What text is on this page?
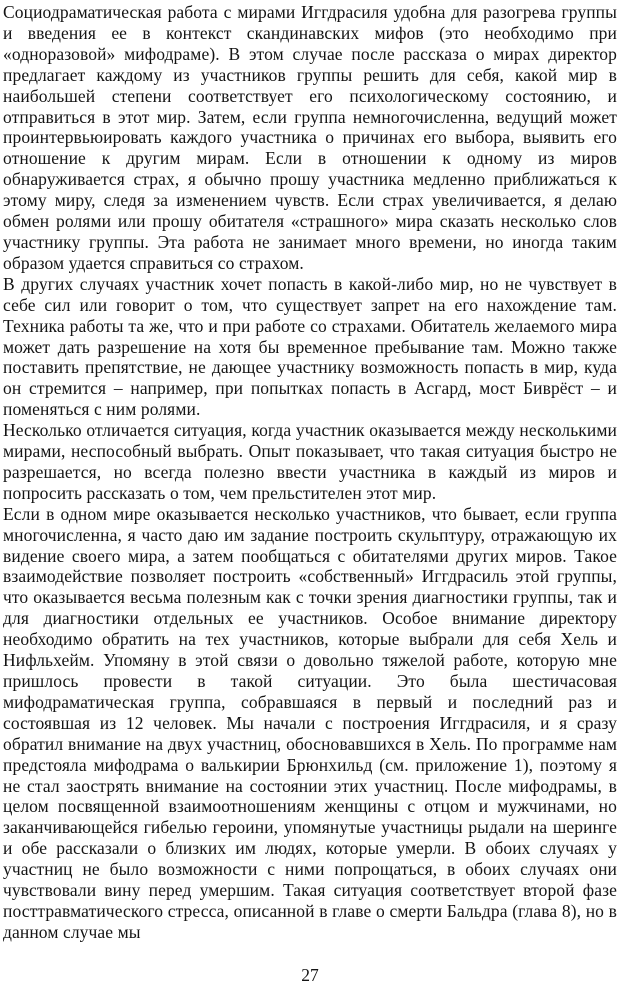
Социодраматическая работа с мирами Иггдрасиля удобна для разогрева группы и введения ее в контекст скандинавских мифов (это необходимо при «одноразовой» мифодраме). В этом случае после рассказа о мирах директор предлагает каждому из участников группы решить для себя, какой мир в наибольшей степени соответствует его психологическому состоянию, и отправиться в этот мир. Затем, если группа немногочисленна, ведущий может проинтервьюировать каждого участника о причинах его выбора, выявить его отношение к другим мирам. Если в отношении к одному из миров обнаруживается страх, я обычно прошу участника медленно приближаться к этому миру, следя за изменением чувств. Если страх увеличивается, я делаю обмен ролями или прошу обитателя «страшного» мира сказать несколько слов участнику группы. Эта работа не занимает много времени, но иногда таким образом удается справиться со страхом.

В других случаях участник хочет попасть в какой-либо мир, но не чувствует в себе сил или говорит о том, что существует запрет на его нахождение там. Техника работы та же, что и при работе со страхами. Обитатель желаемого мира может дать разрешение на хотя бы временное пребывание там. Можно также поставить препятствие, не дающее участнику возможность попасть в мир, куда он стремится – например, при попытках попасть в Асгард, мост Биврёст – и поменяться с ним ролями.

Несколько отличается ситуация, когда участник оказывается между несколькими мирами, неспособный выбрать. Опыт показывает, что такая ситуация быстро не разрешается, но всегда полезно ввести участника в каждый из миров и попросить рассказать о том, чем прельстителен этот мир.

Если в одном мире оказывается несколько участников, что бывает, если группа многочисленна, я часто даю им задание построить скульптуру, отражающую их видение своего мира, а затем пообщаться с обитателями других миров. Такое взаимодействие позволяет построить «собственный» Иггдрасиль этой группы, что оказывается весьма полезным как с точки зрения диагностики группы, так и для диагностики отдельных ее участников. Особое внимание директору необходимо обратить на тех участников, которые выбрали для себя Хель и Нифльхейм. Упомяну в этой связи о довольно тяжелой работе, которую мне пришлось провести в такой ситуации. Это была шестичасовая мифодраматическая группа, собравшаяся в первый и последний раз и состоявшая из 12 человек. Мы начали с построения Иггдрасиля, и я сразу обратил внимание на двух участниц, обосновавшихся в Хель. По программе нам предстояла мифодрама о валькирии Брюнхильд (см. приложение 1), поэтому я не стал заострять внимание на состоянии этих участниц. После мифодрамы, в целом посвященной взаимоотношениям женщины с отцом и мужчинами, но заканчивающейся гибелью героини, упомянутые участницы рыдали на шеринге и обе рассказали о близких им людях, которые умерли. В обоих случаях у участниц не было возможности с ними попрощаться, в обоих случаях они чувствовали вину перед умершим. Такая ситуация соответствует второй фазе посттравматического стресса, описанной в главе о смерти Бальдра (глава 8), но в данном случае мы

27
